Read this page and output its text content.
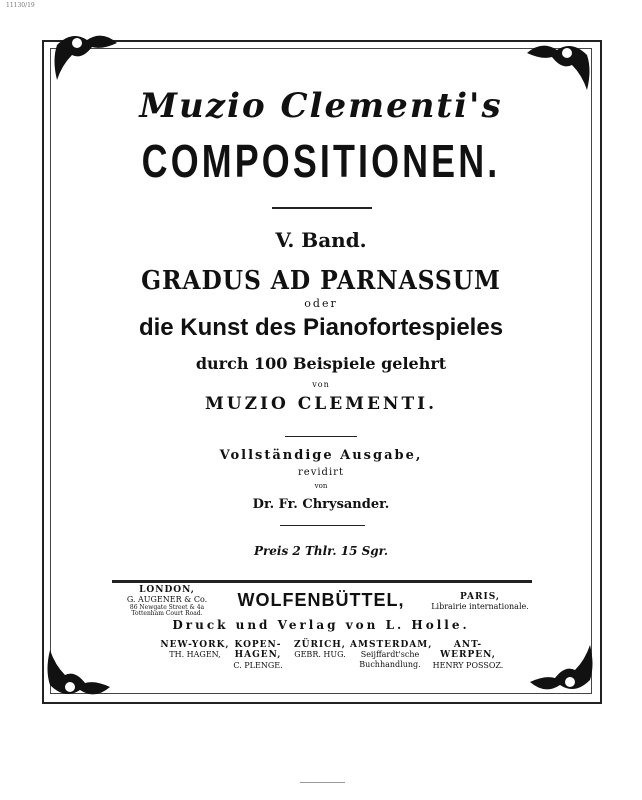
11130/19
Muzio Clementi's
COMPOSITIONEN.
V. Band.
GRADUS AD PARNASSUM
oder
die Kunst des Pianofortespieles
durch 100 Beispiele gelehrt
von
MUZIO CLEMENTI.
Vollständige Ausgabe,
revidirt
von
Dr. Fr. Chrysander.
Preis 2 Thlr. 15 Sgr.
LONDON,
G. AUGENER & Co.
86 Newgate Street & 4a
Tottenham Court Road.
WOLFENBÜTTEL,
Druck und Verlag von L. Holle.
PARIS,
Librairie internationale.
NEW-YORK,
TH. HAGEN,
KOPEN-
HAGEN,
C. PLENGE.
ZÜRICH,
GEBR. HUG.
AMSTERDAM,
Seijffardt'sche
Buchhandlung.
ANT-
WERPEN,
HENRY POSSOZ.
